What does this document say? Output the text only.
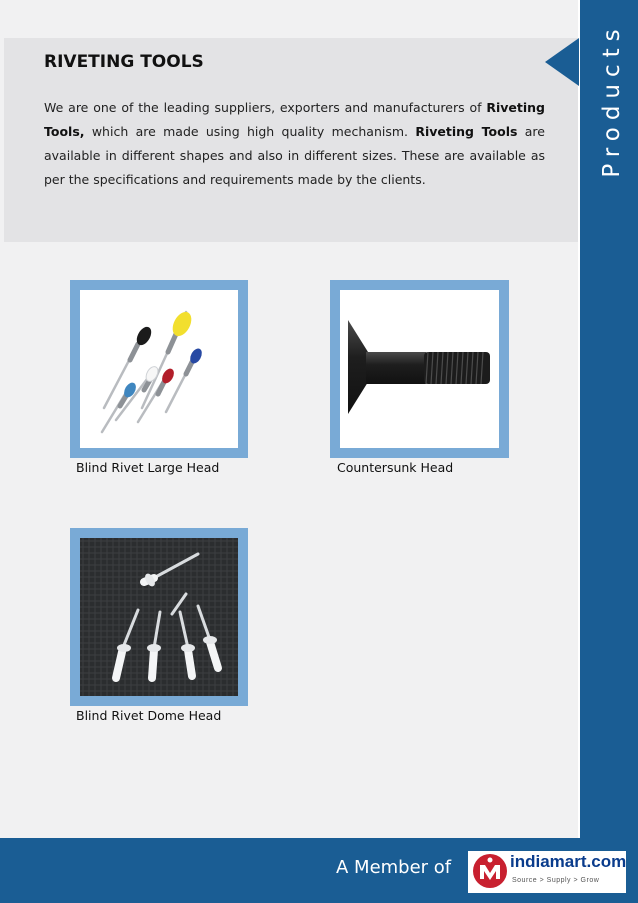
RIVETING TOOLS

We are one of the leading suppliers, exporters and manufacturers of Riveting Tools, which are made using high quality mechanism. Riveting Tools are available in different shapes and also in different sizes. These are available as per the specifications and requirements made by the clients.

Products
Blind Rivet Large Head	Countersunk Head
Blind Rivet Dome Head
A Member of	indiamart.com
Source > Supply > Grow
